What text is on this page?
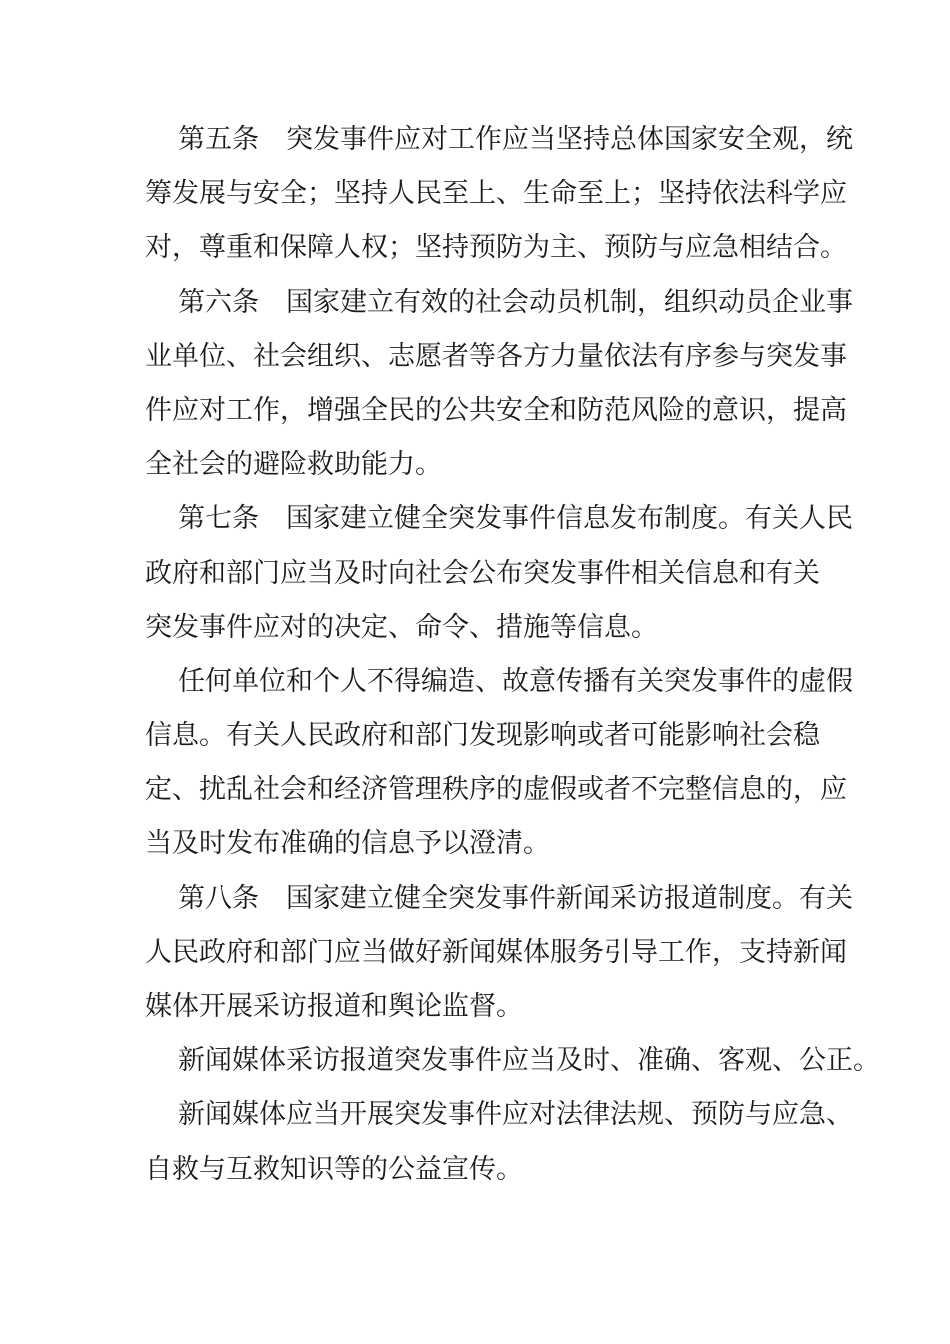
第五条　突发事件应对工作应当坚持总体国家安全观，统
筹发展与安全；坚持人民至上、生命至上；坚持依法科学应
对，尊重和保障人权；坚持预防为主、预防与应急相结合。
第六条　国家建立有效的社会动员机制，组织动员企业事
业单位、社会组织、志愿者等各方力量依法有序参与突发事
件应对工作，增强全民的公共安全和防范风险的意识，提高
全社会的避险救助能力。
第七条　国家建立健全突发事件信息发布制度。有关人民
政府和部门应当及时向社会公布突发事件相关信息和有关
突发事件应对的决定、命令、措施等信息。
任何单位和个人不得编造、故意传播有关突发事件的虚假
信息。有关人民政府和部门发现影响或者可能影响社会稳
定、扰乱社会和经济管理秩序的虚假或者不完整信息的，应
当及时发布准确的信息予以澄清。
第八条　国家建立健全突发事件新闻采访报道制度。有关
人民政府和部门应当做好新闻媒体服务引导工作，支持新闻
媒体开展采访报道和舆论监督。
新闻媒体采访报道突发事件应当及时、准确、客观、公正。
新闻媒体应当开展突发事件应对法律法规、预防与应急、
自救与互救知识等的公益宣传。
